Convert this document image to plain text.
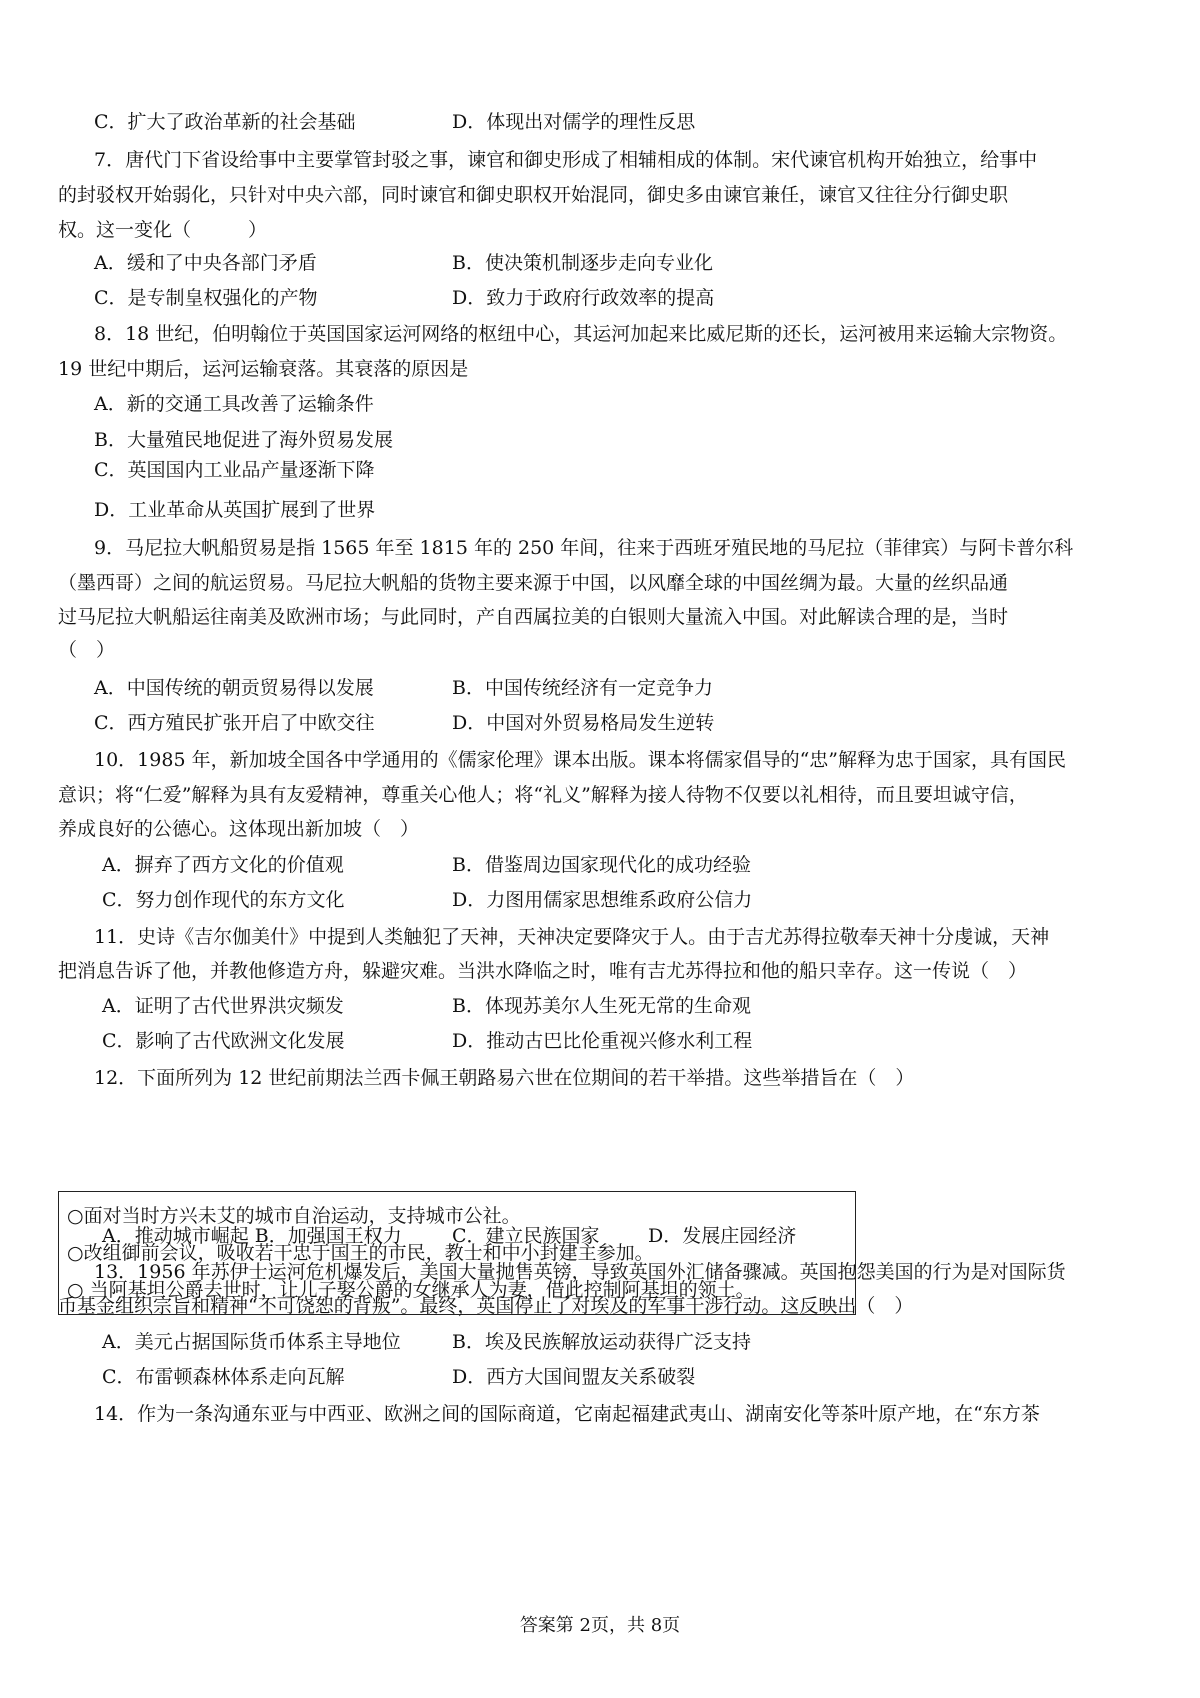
C．扩大了政治革新的社会基础	D．体现出对儒学的理性反思
7．唐代门下省设给事中主要掌管封驳之事，谏官和御史形成了相辅相成的体制。宋代谏官机构开始独立，给事中
的封驳权开始弱化，只针对中央六部，同时谏官和御史职权开始混同，御史多由谏官兼任，谏官又往往分行御史职
权。这一变化（　　　）
A．缓和了中央各部门矛盾	B．使决策机制逐步走向专业化
C．是专制皇权强化的产物	D．致力于政府行政效率的提高
8．18 世纪，伯明翰位于英国国家运河网络的枢纽中心，其运河加起来比威尼斯的还长，运河被用来运输大宗物资。
19 世纪中期后，运河运输衰落。其衰落的原因是
A．新的交通工具改善了运输条件
B．大量殖民地促进了海外贸易发展
C．英国国内工业品产量逐渐下降
D．工业革命从英国扩展到了世界
9．马尼拉大帆船贸易是指 1565 年至 1815 年的 250 年间，往来于西班牙殖民地的马尼拉（菲律宾）与阿卡普尔科
（墨西哥）之间的航运贸易。马尼拉大帆船的货物主要来源于中国，以风靡全球的中国丝绸为最。大量的丝织品通
过马尼拉大帆船运往南美及欧洲市场；与此同时，产自西属拉美的白银则大量流入中国。对此解读合理的是，当时
（　）
A．中国传统的朝贡贸易得以发展	B．中国传统经济有一定竞争力
C．西方殖民扩张开启了中欧交往	D．中国对外贸易格局发生逆转
10．1985 年，新加坡全国各中学通用的《儒家伦理》课本出版。课本将儒家倡导的“忠”解释为忠于国家，具有国民
意识；将“仁爱”解释为具有友爱精神，尊重关心他人；将“礼义”解释为接人待物不仅要以礼相待，而且要坦诚守信，
养成良好的公德心。这体现出新加坡（　）
A．摒弃了西方文化的价值观	B．借鉴周边国家现代化的成功经验
C．努力创作现代的东方文化	D．力图用儒家思想维系政府公信力
11．史诗《吉尔伽美什》中提到人类触犯了天神，天神决定要降灾于人。由于吉尤苏得拉敬奉天神十分虔诚，天神
把消息告诉了他，并教他修造方舟，躲避灾难。当洪水降临之时，唯有吉尤苏得拉和他的船只幸存。这一传说（　）
A．证明了古代世界洪灾频发	B．体现苏美尔人生死无常的生命观
C．影响了古代欧洲文化发展	D．推动古巴比伦重视兴修水利工程
12．下面所列为 12 世纪前期法兰西卡佩王朝路易六世在位期间的若干举措。这些举措旨在（　）
○面对当时方兴未艾的城市自治运动，支持城市公社。
○改组御前会议，吸收若干忠于国王的市民，教士和中小封建主参加。
○ 当阿基坦公爵去世时，让儿子娶公爵的女继承人为妻，借此控制阿基坦的领土。
A．推动城市崛起 B．加强国王权力	C．建立民族国家	D．发展庄园经济
13．1956 年苏伊士运河危机爆发后，美国大量抛售英镑，导致英国外汇储备骤减。英国抱怨美国的行为是对国际货
币基金组织宗旨和精神“不可饶恕的背叛”。最终，英国停止了对埃及的军事干涉行动。这反映出（　）
A．美元占据国际货币体系主导地位	B．埃及民族解放运动获得广泛支持
C．布雷顿森林体系走向瓦解	D．西方大国间盟友关系破裂
14．作为一条沟通东亚与中西亚、欧洲之间的国际商道，它南起福建武夷山、湖南安化等茶叶原产地，在“东方茶
答案第 2页，共 8页
